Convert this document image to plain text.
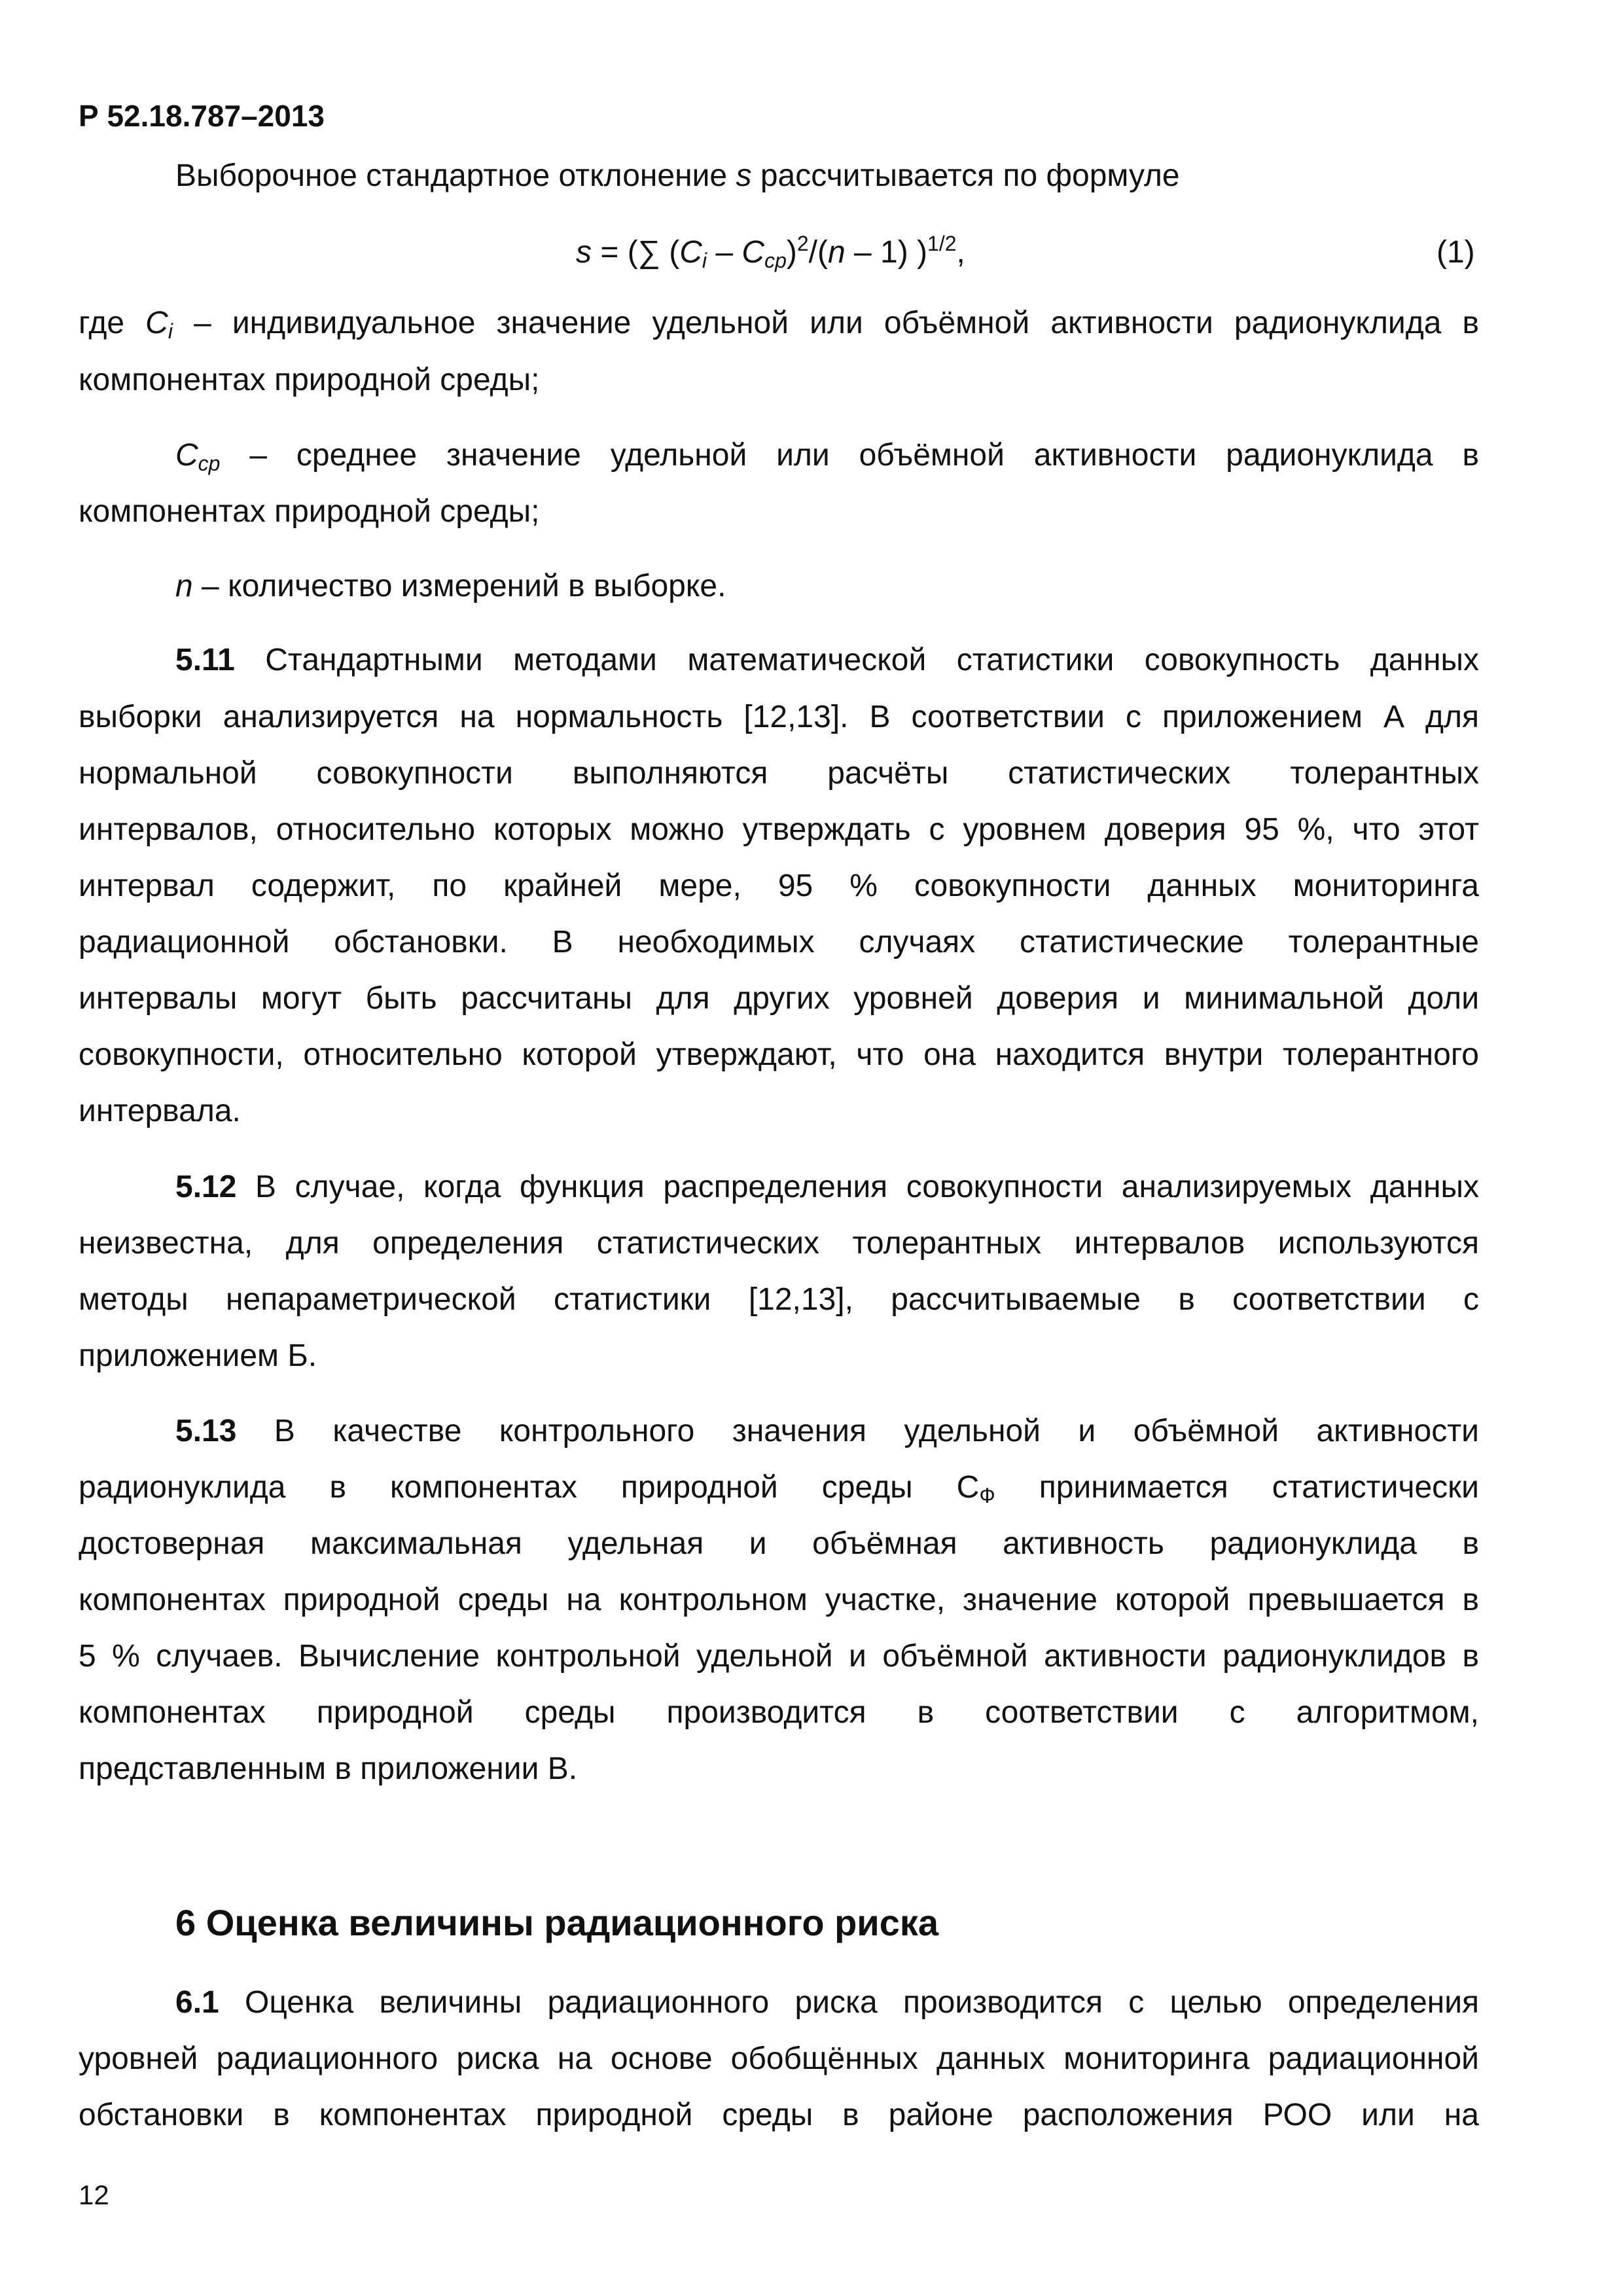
Р 52.18.787–2013
Выборочное стандартное отклонение s рассчитывается по формуле
s = (∑ $(C_i - C_{ср})^2/(n - 1)$ )$^{1/2}$,	(1)
где $C_i$ – индивидуальное значение удельной или объёмной активности радионуклида в
компонентах природной среды;
$C_{ср}$ – среднее значение удельной или объёмной активности радионуклида в
компонентах природной среды;
n – количество измерений в выборке.
5.11 Стандартными методами математической статистики совокупность данных
выборки анализируется на нормальность [12,13]. В соответствии с приложением А для
нормальной совокупности выполняются расчёты статистических толерантных
интервалов, относительно которых можно утверждать с уровнем доверия 95 %, что этот
интервал содержит, по крайней мере, 95 % совокупности данных мониторинга
радиационной обстановки. В необходимых случаях статистические толерантные
интервалы могут быть рассчитаны для других уровней доверия и минимальной доли
совокупности, относительно которой утверждают, что она находится внутри толерантного
интервала.
5.12 В случае, когда функция распределения совокупности анализируемых данных
неизвестна, для определения статистических толерантных интервалов используются
методы непараметрической статистики [12,13], рассчитываемые в соответствии с
приложением Б.
5.13 В качестве контрольного значения удельной и объёмной активности
радионуклида в компонентах природной среды $С_Ф$ принимается статистически
достоверная максимальная удельная и объёмная активность радионуклида в
компонентах природной среды на контрольном участке, значение которой превышается в
5 % случаев. Вычисление контрольной удельной и объёмной активности радионуклидов в
компонентах природной среды производится в соответствии с алгоритмом,
представленным в приложении В.
6 Оценка величины радиационного риска
6.1 Оценка величины радиационного риска производится с целью определения
уровней радиационного риска на основе обобщённых данных мониторинга радиационной
обстановки в компонентах природной среды в районе расположения РОО или на
12
